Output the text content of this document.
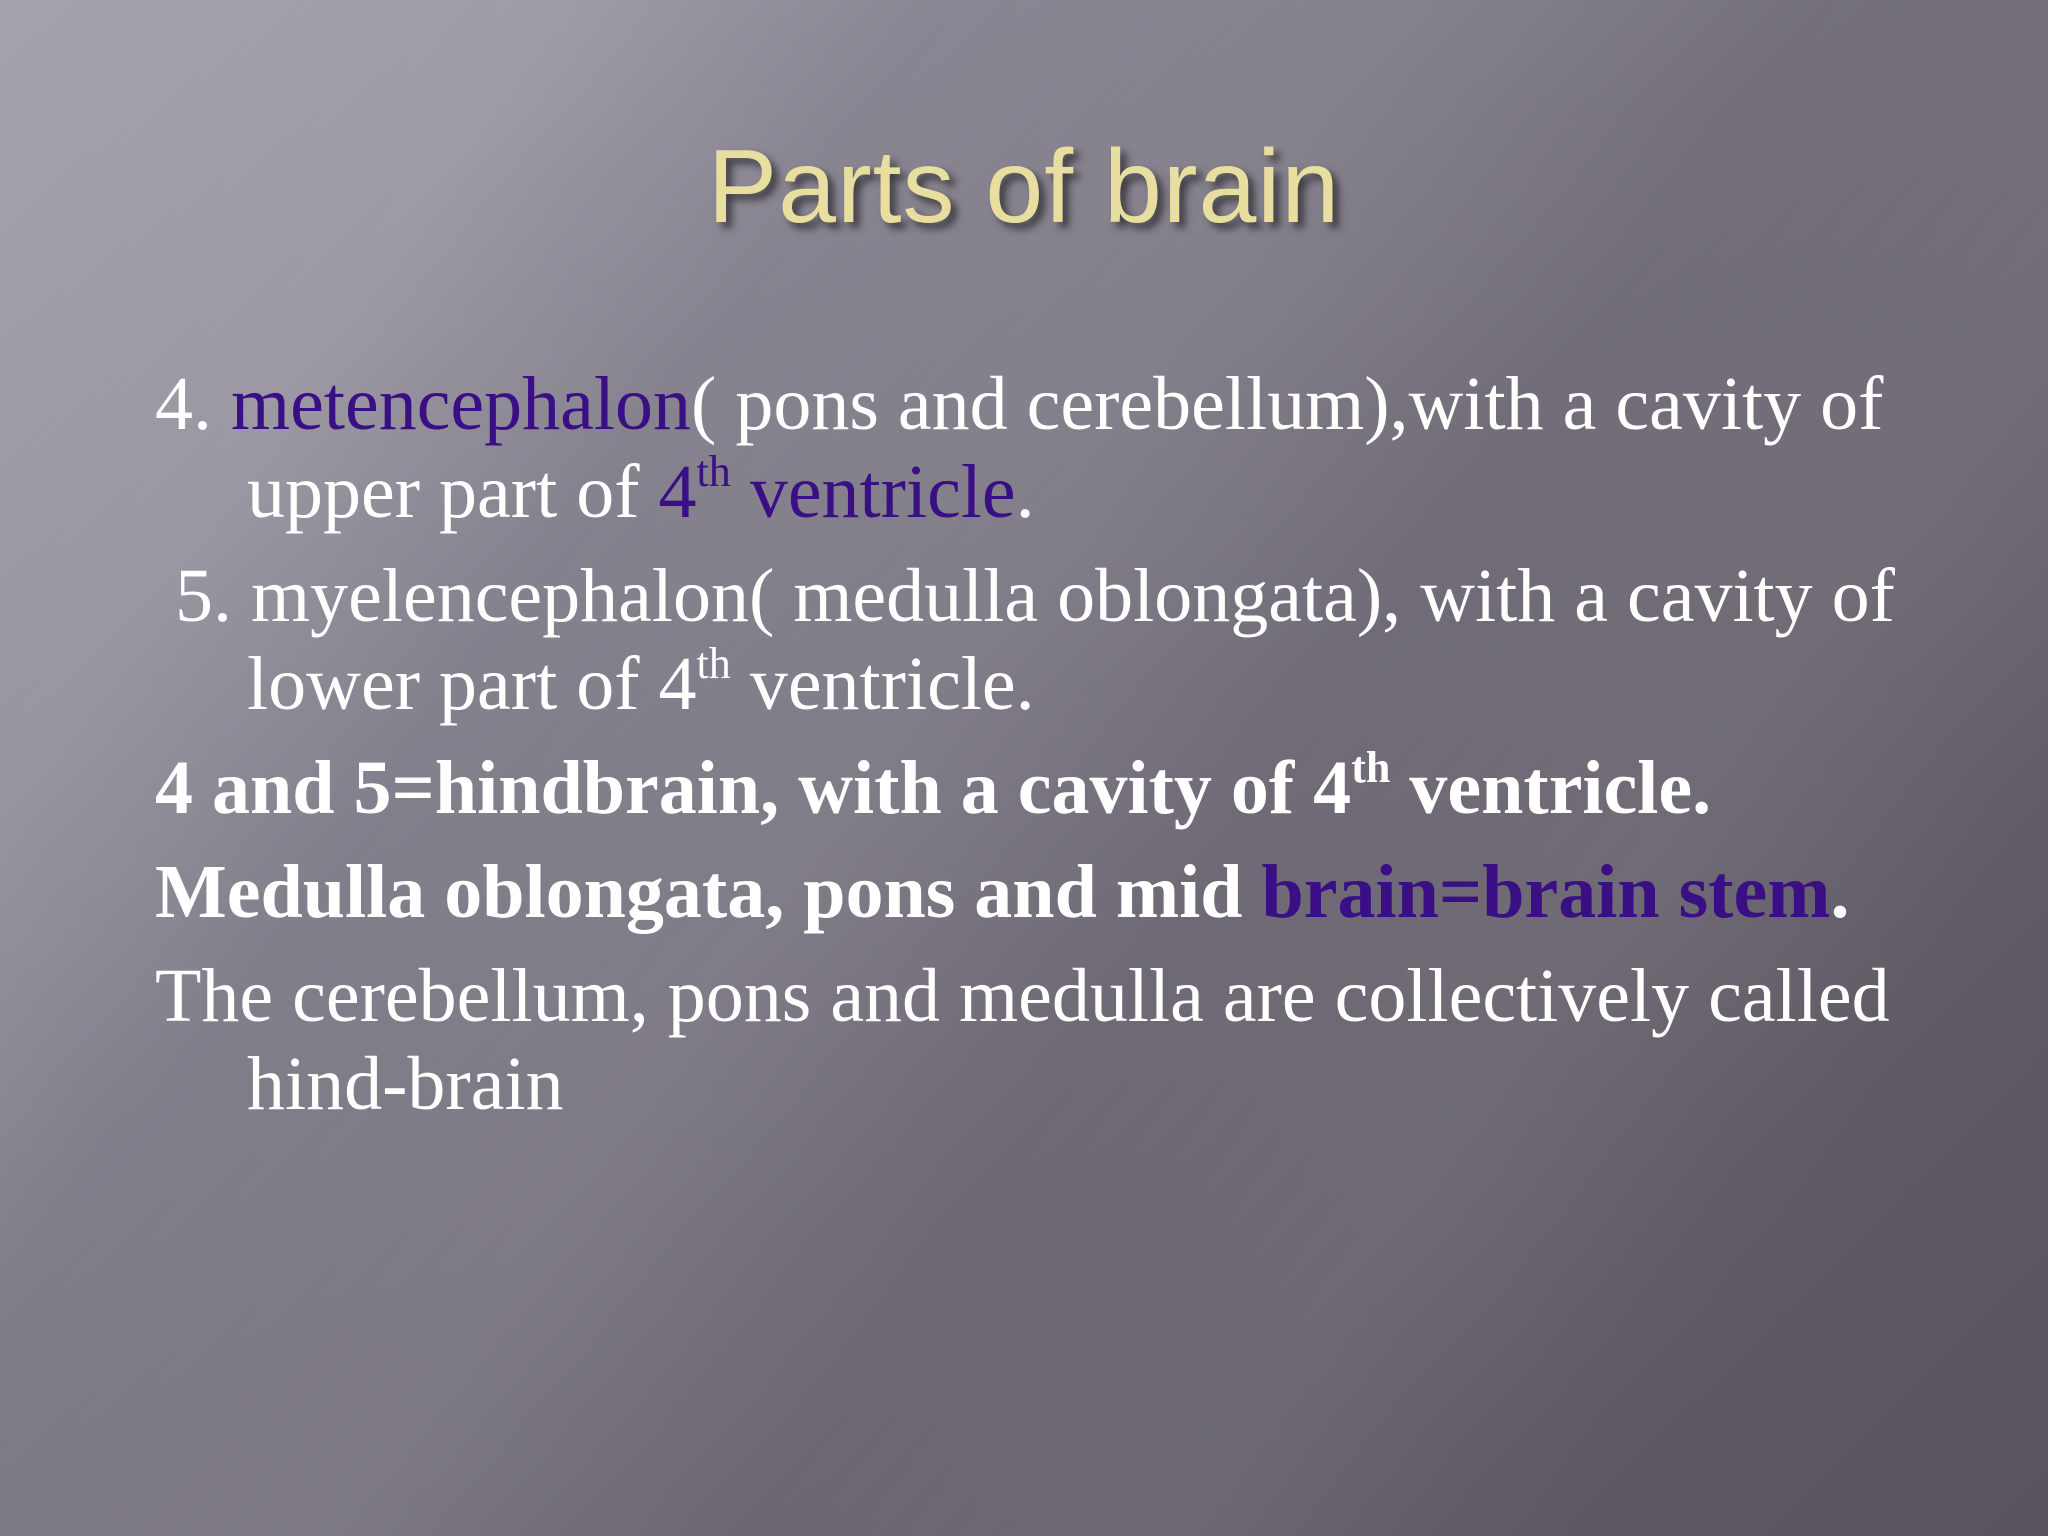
Parts of brain

4. metencephalon( pons and cerebellum),with a cavity of upper part of 4th ventricle.

5. myelencephalon( medulla oblongata), with a cavity of lower part of 4th ventricle.

4 and 5=hindbrain, with a cavity of 4th ventricle.

Medulla oblongata, pons and mid brain=brain stem.

The cerebellum, pons and medulla are collectively called hind-brain
